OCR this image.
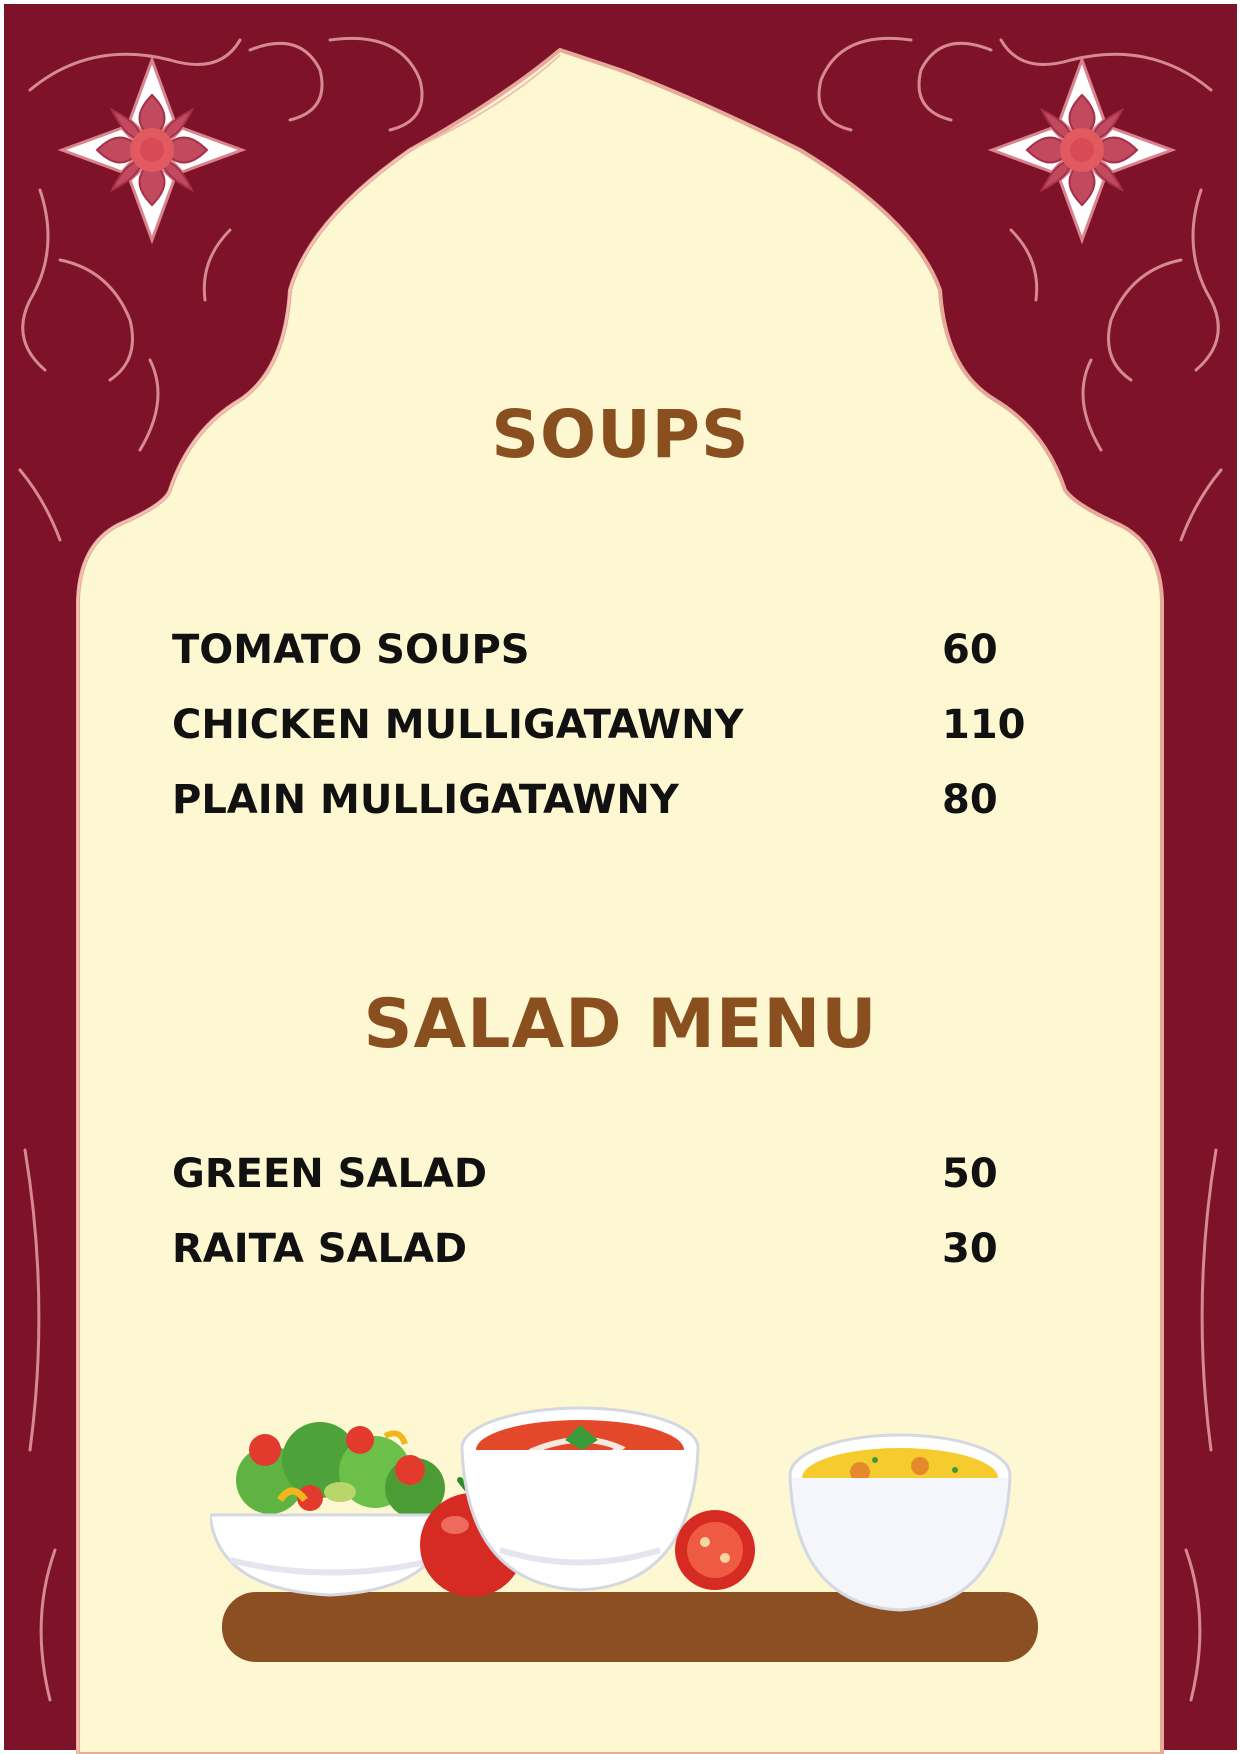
SOUPS
TOMATO SOUPS	60
CHICKEN MULLIGATAWNY	110
PLAIN MULLIGATAWNY	80
SALAD MENU
GREEN SALAD	50
RAITA SALAD	30
